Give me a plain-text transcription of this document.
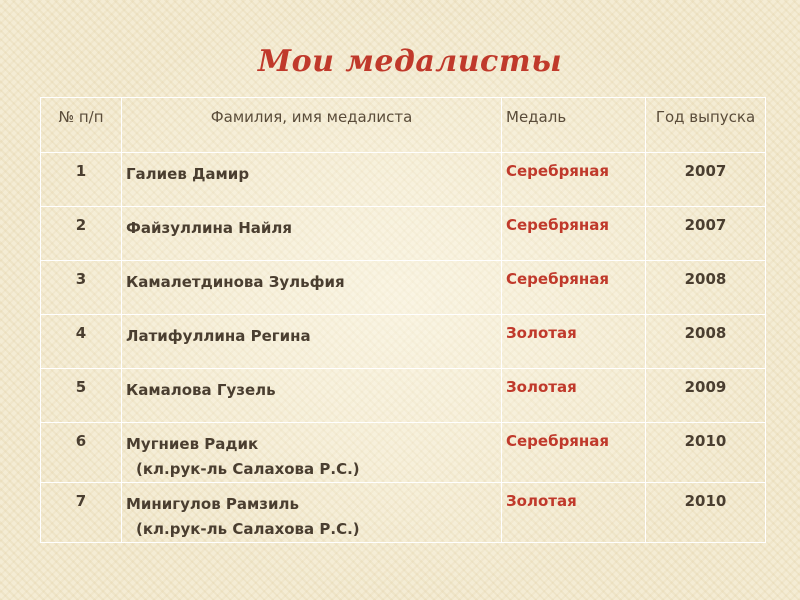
Мои медалисты
№ п/п	Фамилия, имя медалиста	Медаль	Год выпуска

1	Галиев Дамир	Серебряная	2007

2	Файзуллина Найля	Серебряная	2007

3	Камалетдинова Зульфия	Серебряная	2008

4	Латифуллина Регина	Золотая	2008

5	Камалова Гузель	Золотая	2009

6	Мугниев Радик
(кл.рук-ль Салахова Р.С.)	Серебряная	2010

7	Минигулов Рамзиль
(кл.рук-ль Салахова Р.С.)	Золотая	2010
